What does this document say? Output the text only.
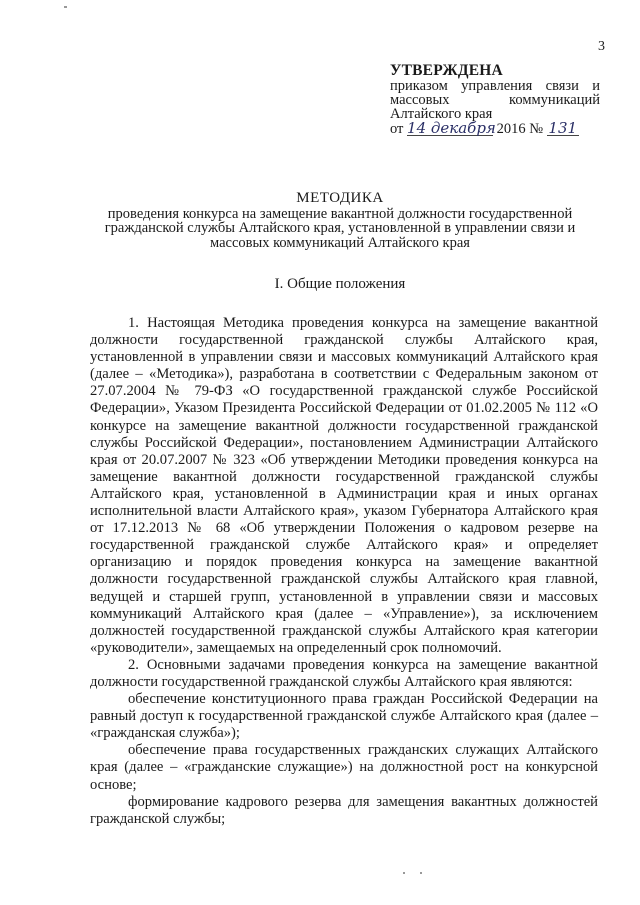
3
УТВЕРЖДЕНА
приказом управления связи и массовых коммуникаций Алтайского края
от 14 декабря 2016 № 131
МЕТОДИКА
проведения конкурса на замещение вакантной должности государственной гражданской службы Алтайского края, установленной в управлении связи и массовых коммуникаций Алтайского края
I. Общие положения

1. Настоящая Методика проведения конкурса на замещение вакантной должности государственной гражданской службы Алтайского края, установленной в управлении связи и массовых коммуникаций Алтайского края (далее – «Методика»), разработана в соответствии с Федеральным законом от 27.07.2004 № 79-ФЗ «О государственной гражданской службе Российской Федерации», Указом Президента Российской Федерации от 01.02.2005 № 112 «О конкурсе на замещение вакантной должности государственной гражданской службы Российской Федерации», постановлением Администрации Алтайского края от 20.07.2007 № 323 «Об утверждении Методики проведения конкурса на замещение вакантной должности государственной гражданской службы Алтайского края, установленной в Администрации края и иных органах исполнительной власти Алтайского края», указом Губернатора Алтайского края от 17.12.2013 № 68 «Об утверждении Положения о кадровом резерве на государственной гражданской службе Алтайского края» и определяет организацию и порядок проведения конкурса на замещение вакантной должности государственной гражданской службы Алтайского края главной, ведущей и старшей групп, установленной в управлении связи и массовых коммуникаций Алтайского края (далее – «Управление»), за исключением должностей государственной гражданской службы Алтайского края категории «руководители», замещаемых на определенный срок полномочий.

2. Основными задачами проведения конкурса на замещение вакантной должности государственной гражданской службы Алтайского края являются:

обеспечение конституционного права граждан Российской Федерации на равный доступ к государственной гражданской службе Алтайского края (далее – «гражданская служба»);

обеспечение права государственных гражданских служащих Алтайского края (далее – «гражданские служащие») на должностной рост на конкурсной основе;

формирование кадрового резерва для замещения вакантных должностей гражданской службы;
